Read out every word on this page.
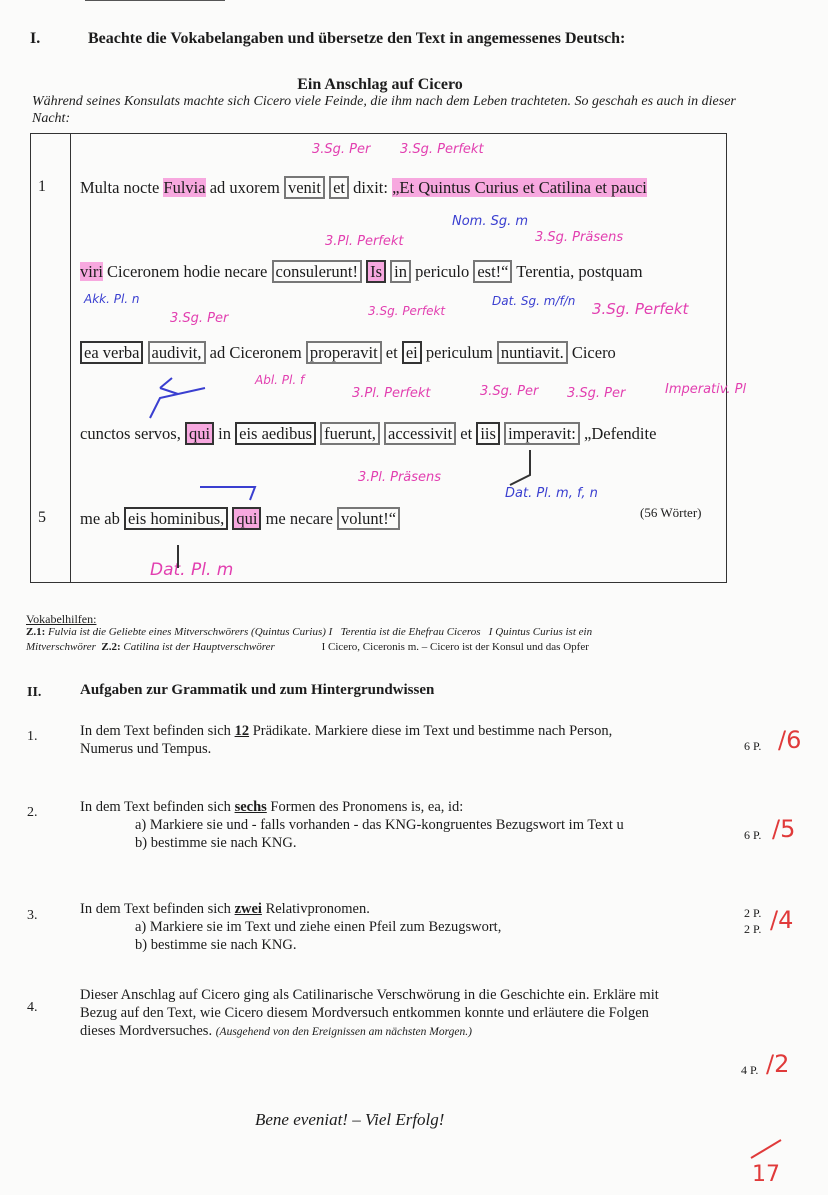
I.	Beachte die Vokabelangaben und übersetze den Text in angemessenes Deutsch:
Ein Anschlag auf Cicero
Während seines Konsulats machte sich Cicero viele Feinde, die ihm nach dem Leben trachteten. So geschah es auch in dieser Nacht:
1
5
3.Sg. Per 3.Sg. Perfekt
Multa nocte Fulvia ad uxorem venit et dixit: „Et Quintus Curius et Catilina et pauci
3.Pl. Perfekt
Nom. Sg. m
3.Sg. Präsens
viri Ciceronem hodie necare consulerunt! Is in periculo est!“ Terentia, postquam
Akk. Pl. n
3.Sg. Per	3.Sg. Perfekt
Dat. Sg. m/f/n 3.Sg. Perfekt
ea verba audivit, ad Ciceronem properavit et ei periculum nuntiavit. Cicero
Abl. Pl. f
3.Pl. Perfekt	3.Sg. Per 3.Sg. Per	Imperativ. Pl
cunctos servos, qui in eis aedibus fuerunt, accessivit et iis imperavit: „Defendite
3.Pl. Präsens
Dat. Pl. m, f, n
me ab eis hominibus, qui me necare volunt!“	(56 Wörter)
Dat. Pl. m
Vokabelhilfen:
Z.1: Fulvia ist die Geliebte eines Mitverschwörers (Quintus Curius) I Terentia ist die Ehefrau Ciceros I Quintus Curius ist ein
Mitverschwörer Z.2: Catilina ist der Hauptverschwörer	I Cicero, Ciceronis m. – Cicero ist der Konsul und das Opfer
II.	Aufgaben zur Grammatik und zum Hintergrundwissen
1.	In dem Text befinden sich 12 Prädikate. Markiere diese im Text und bestimme nach Person,
Numerus und Tempus.	6 P. /6
2.	In dem Text befinden sich sechs Formen des Pronomens is, ea, id:
a) Markiere sie und - falls vorhanden - das KNG-kongruentes Bezugswort im Text u
b) bestimme sie nach KNG.	6 P. /5
3.	In dem Text befinden sich zwei Relativpronomen.
a) Markiere sie im Text und ziehe einen Pfeil zum Bezugswort,
b) bestimme sie nach KNG.
2 P.
2 P. /4
4.
Dieser Anschlag auf Cicero ging als Catilinarische Verschwörung in die Geschichte ein. Erkläre mit
Bezug auf den Text, wie Cicero diesem Mordversuch entkommen konnte und erläutere die Folgen
dieses Mordversuches. (Ausgehend von den Ereignissen am nächsten Morgen.)
4 P. /2
Bene eveniat! – Viel Erfolg!
17
